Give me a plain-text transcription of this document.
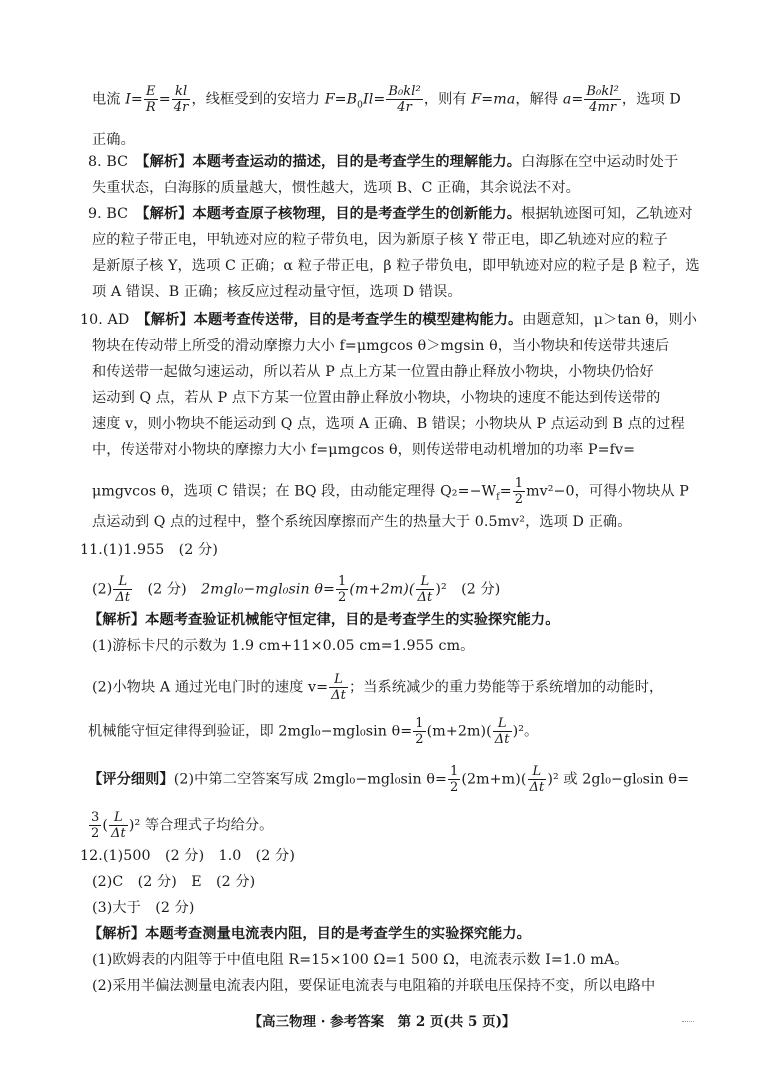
电流 $I= \frac{E}{R} = \frac{kl}{4r}$ ，线框受到的安培力 $F=B_0Il= \frac{\text{B₀kl²}}{4r}$ ，则有 F=ma，解得 $a= \frac{\text{B₀kl²}}{4mr}$ ，选项 D
正确。
8. BC　 【解析】本题考查运动的描述，目的是考查学生的理解能力。白海豚在空中运动时处于
失重状态，白海豚的质量越大，惯性越大，选项 B、C 正确，其余说法不对。
9. BC　 【解析】本题考查原子核物理，目的是考查学生的创新能力。根据轨迹图可知，乙轨迹对
应的粒子带正电，甲轨迹对应的粒子带负电，因为新原子核 Y 带正电，即乙轨迹对应的粒子
是新原子核 Y，选项 C 正确；α 粒子带正电，β 粒子带负电，即甲轨迹对应的粒子是 β 粒子，选
项 A 错误、B 正确；核反应过程动量守恒，选项 D 错误。
10. AD　 【解析】本题考查传送带，目的是考查学生的模型建构能力。由题意知，μ＞tan θ，则小
物块在传动带上所受的滑动摩擦力大小 f=μmgcos θ＞mgsin θ，当小物块和传送带共速后
和传送带一起做匀速运动，所以若从 P 点上方某一位置由静止释放小物块，小物块仍恰好
运动到 Q 点，若从 P 点下方某一位置由静止释放小物块，小物块的速度不能达到传送带的
速度 v，则小物块不能运动到 Q 点，选项 A 正确、B 错误；小物块从 P 点运动到 B 点的过程
中，传送带对小物块的摩擦力大小 f=μmgcos θ，则传送带电动机增加的功率 P=fv=
μmgvcos θ，选项 C 错误；在 BQ 段，由动能定理得 $Q_2=-W_f= \frac{1}{2} mv^2-0$，可得小物块从 P
点运动到 Q 点的过程中，整个系统因摩擦而产生的热量大于 0.5mv²，选项 D 正确。
11.(1)1.955　(2 分)
$(2) \frac{L}{\Delta t}$ 　(2 分)　2mgl₀−mgl₀sin $\theta= \frac{1}{2} (m+2m)( \frac{L}{\Delta t} )^2$　(2 分)
【解析】本题考查验证机械能守恒定律，目的是考查学生的实验探究能力。
(1)游标卡尺的示数为 1.9 cm+11×0.05 cm=1.955 cm。
(2)小物块 A 通过光电门时的速度 $v= \frac{L}{\Delta t}$ ；当系统减少的重力势能等于系统增加的动能时，
机械能守恒定律得到验证，即 2mgl₀−mgl₀sin $\theta= \frac{1}{2} (m+2m)( \frac{L}{\Delta t} )^2$。
【评分细则】(2)中第二空答案写成 2mgl₀−mgl₀sin $\theta= \frac{1}{2} (2m+m)( \frac{L}{\Delta t} )^2$ 或 2gl₀−gl₀sin θ=
$\frac{3}{2}$ ( $\frac{L}{\Delta t} )^2$ 等合理式子均给分。
12.(1)500　(2 分)　1.0　(2 分)
(2)C　(2 分)　E　(2 分)
(3)大于　(2 分)
【解析】本题考查测量电流表内阻，目的是考查学生的实验探究能力。
(1)欧姆表的内阻等于中值电阻 R=15×100 Ω=1 500 Ω，电流表示数 I=1.0 mA。
(2)采用半偏法测量电流表内阻，要保证电流表与电阻箱的并联电压保持不变，所以电路中
【高三物理 · 参考答案　第 2 页(共 5 页)】
